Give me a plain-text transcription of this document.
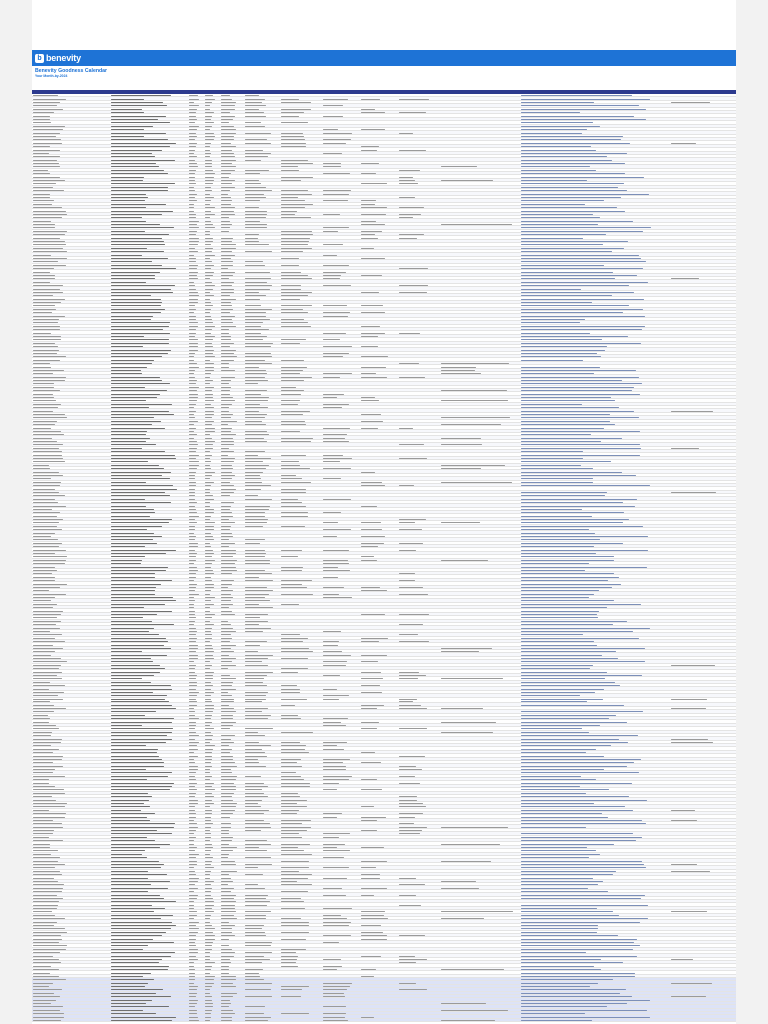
b benevity
Benevity Goodness Calendar
Your Month-by-2024
